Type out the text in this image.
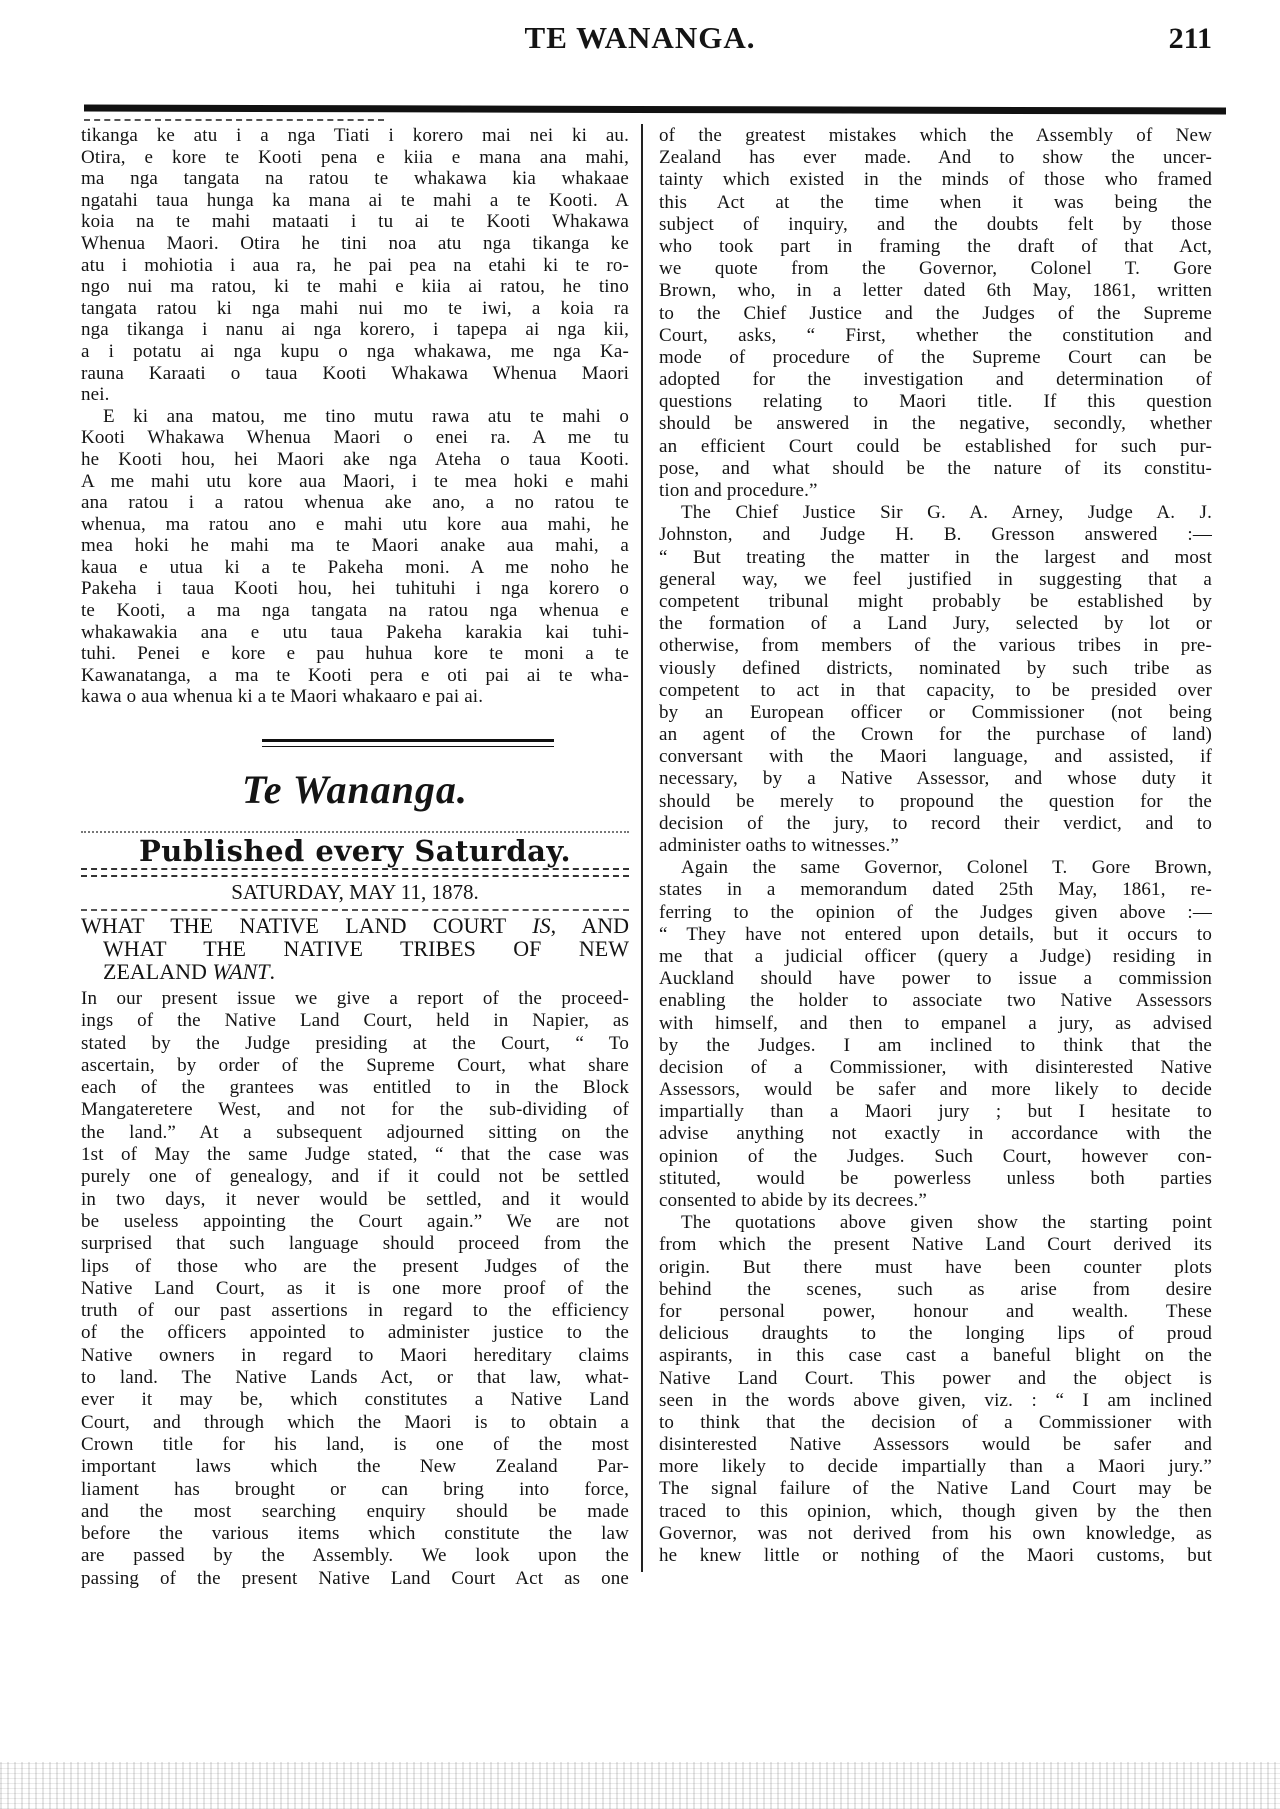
TE WANANGA.	211
tikanga ke atu i a nga Tiati i korero mai nei ki au.
Otira, e kore te Kooti pena e kiia e mana ana mahi,
ma nga tangata na ratou te whakawa kia whakaae
ngatahi taua hunga ka mana ai te mahi a te Kooti. A
koia na te mahi mataati i tu ai te Kooti Whakawa
Whenua Maori. Otira he tini noa atu nga tikanga ke
atu i mohiotia i aua ra, he pai pea na etahi ki te ro-
ngo nui ma ratou, ki te mahi e kiia ai ratou, he tino
tangata ratou ki nga mahi nui mo te iwi, a koia ra
nga tikanga i nanu ai nga korero, i tapepa ai nga kii,
a i potatu ai nga kupu o nga whakawa, me nga Ka-
rauna Karaati o taua Kooti Whakawa Whenua Maori
nei.
E ki ana matou, me tino mutu rawa atu te mahi o
Kooti Whakawa Whenua Maori o enei ra. A me tu
he Kooti hou, hei Maori ake nga Ateha o taua Kooti.
A me mahi utu kore aua Maori, i te mea hoki e mahi
ana ratou i a ratou whenua ake ano, a no ratou te
whenua, ma ratou ano e mahi utu kore aua mahi, he
mea hoki he mahi ma te Maori anake aua mahi, a
kaua e utua ki a te Pakeha moni. A me noho he
Pakeha i taua Kooti hou, hei tuhituhi i nga korero o
te Kooti, a ma nga tangata na ratou nga whenua e
whakawakia ana e utu taua Pakeha karakia kai tuhi-
tuhi. Penei e kore e pau huhua kore te moni a te
Kawanatanga, a ma te Kooti pera e oti pai ai te wha-
kawa o aua whenua ki a te Maori whakaaro e pai ai.
Te Wananga.
Published every Saturday.
SATURDAY, MAY 11, 1878.
WHAT THE NATIVE LAND COURT IS, AND
WHAT THE NATIVE TRIBES OF NEW
ZEALAND WANT.
In our present issue we give a report of the proceed-
ings of the Native Land Court, held in Napier, as
stated by the Judge presiding at the Court, “ To
ascertain, by order of the Supreme Court, what share
each of the grantees was entitled to in the Block
Mangateretere West, and not for the sub-dividing of
the land.” At a subsequent adjourned sitting on the
1st of May the same Judge stated, “ that the case was
purely one of genealogy, and if it could not be settled
in two days, it never would be settled, and it would
be useless appointing the Court again.” We are not
surprised that such language should proceed from the
lips of those who are the present Judges of the
Native Land Court, as it is one more proof of the
truth of our past assertions in regard to the efficiency
of the officers appointed to administer justice to the
Native owners in regard to Maori hereditary claims
to land. The Native Lands Act, or that law, what-
ever it may be, which constitutes a Native Land
Court, and through which the Maori is to obtain a
Crown title for his land, is one of the most
important laws which the New Zealand Par-
liament has brought or can bring into force,
and the most searching enquiry should be made
before the various items which constitute the law
are passed by the Assembly. We look upon the
passing of the present Native Land Court Act as one
of the greatest mistakes which the Assembly of New
Zealand has ever made. And to show the uncer-
tainty which existed in the minds of those who framed
this Act at the time when it was being the
subject of inquiry, and the doubts felt by those
who took part in framing the draft of that Act,
we quote from the Governor, Colonel T. Gore
Brown, who, in a letter dated 6th May, 1861, written
to the Chief Justice and the Judges of the Supreme
Court, asks, “ First, whether the constitution and
mode of procedure of the Supreme Court can be
adopted for the investigation and determination of
questions relating to Maori title. If this question
should be answered in the negative, secondly, whether
an efficient Court could be established for such pur-
pose, and what should be the nature of its constitu-
tion and procedure.”
The Chief Justice Sir G. A. Arney, Judge A. J.
Johnston, and Judge H. B. Gresson answered :—
“ But treating the matter in the largest and most
general way, we feel justified in suggesting that a
competent tribunal might probably be established by
the formation of a Land Jury, selected by lot or
otherwise, from members of the various tribes in pre-
viously defined districts, nominated by such tribe as
competent to act in that capacity, to be presided over
by an European officer or Commissioner (not being
an agent of the Crown for the purchase of land)
conversant with the Maori language, and assisted, if
necessary, by a Native Assessor, and whose duty it
should be merely to propound the question for the
decision of the jury, to record their verdict, and to
administer oaths to witnesses.”
Again the same Governor, Colonel T. Gore Brown,
states in a memorandum dated 25th May, 1861, re-
ferring to the opinion of the Judges given above :—
“ They have not entered upon details, but it occurs to
me that a judicial officer (query a Judge) residing in
Auckland should have power to issue a commission
enabling the holder to associate two Native Assessors
with himself, and then to empanel a jury, as advised
by the Judges. I am inclined to think that the
decision of a Commissioner, with disinterested Native
Assessors, would be safer and more likely to decide
impartially than a Maori jury ; but I hesitate to
advise anything not exactly in accordance with the
opinion of the Judges. Such Court, however con-
stituted, would be powerless unless both parties
consented to abide by its decrees.”
The quotations above given show the starting point
from which the present Native Land Court derived its
origin. But there must have been counter plots
behind the scenes, such as arise from desire
for personal power, honour and wealth. These
delicious draughts to the longing lips of proud
aspirants, in this case cast a baneful blight on the
Native Land Court. This power and the object is
seen in the words above given, viz. : “ I am inclined
to think that the decision of a Commissioner with
disinterested Native Assessors would be safer and
more likely to decide impartially than a Maori jury.”
The signal failure of the Native Land Court may be
traced to this opinion, which, though given by the then
Governor, was not derived from his own knowledge, as
he knew little or nothing of the Maori customs, but
